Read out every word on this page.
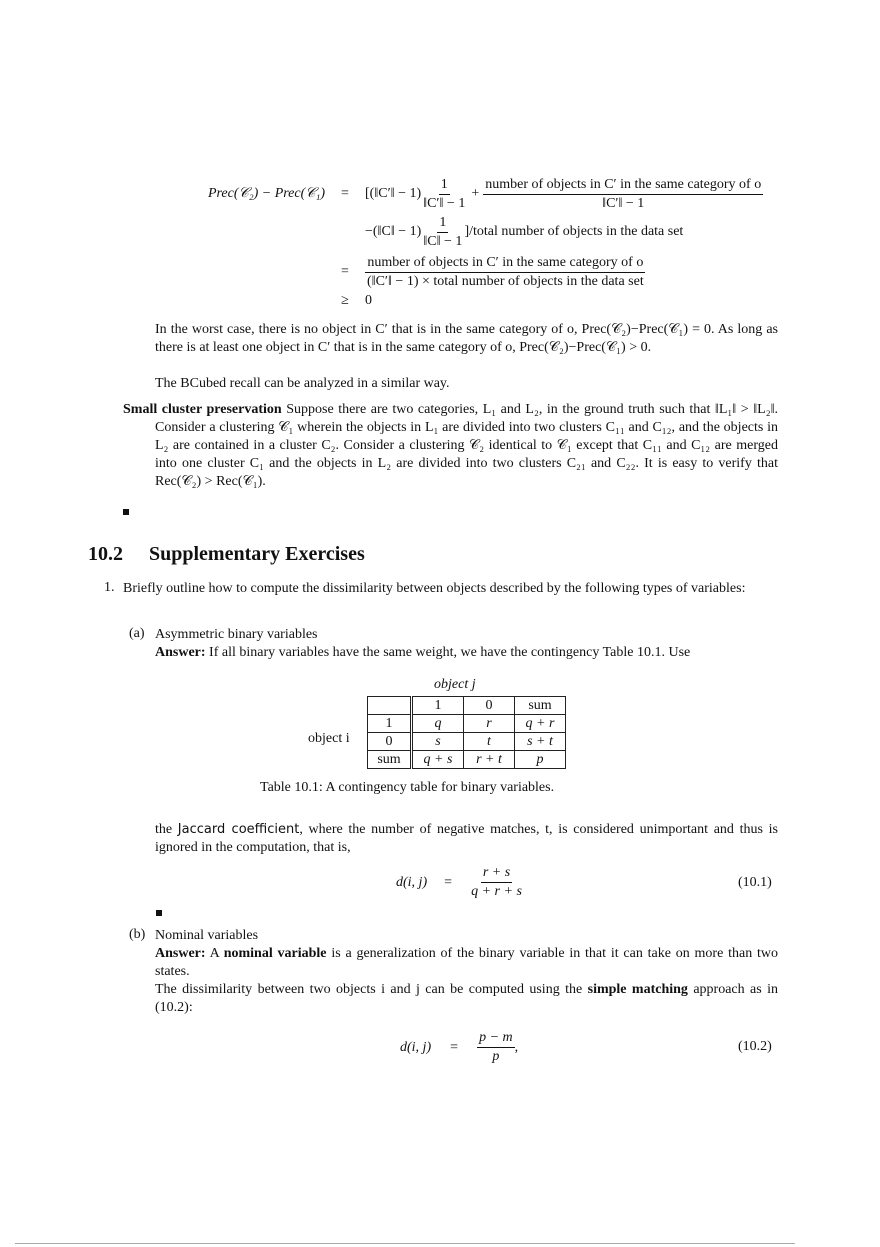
Prec(𝒞₂) − Prec(𝒞₁)	=	[(‖C′‖ − $1) \frac{1}{‖C'‖ - 1} + \frac{\text{number of objects in C′ in the same category of o}}{‖C'‖ - 1}$
−(‖C‖ − $1) \frac{1}{‖C‖ - 1}$ ]/total number of objects in the data set
=	$\frac{\text{number of objects in C′ in the same category of o}}{\text{(‖C′‖ − 1) × total number of objects in the data set}}$
≥	0
In the worst case, there is no object in C′ that is in the same category of o, Prec(𝒞₂)−Prec(𝒞₁) = 0. As long as there is at least one object in C′ that is in the same category of o, Prec(𝒞₂)−Prec(𝒞₁) > 0.
The BCubed recall can be analyzed in a similar way.
Small cluster preservation Suppose there are two categories, L₁ and L₂, in the ground truth such that ‖L₁‖ > ‖L₂‖. Consider a clustering 𝒞₁ wherein the objects in L₁ are divided into two clusters C₁₁ and C₁₂, and the objects in L₂ are contained in a cluster C₂. Consider a clustering 𝒞₂ identical to 𝒞₁ except that C₁₁ and C₁₂ are merged into one cluster C₁ and the objects in L₂ are divided into two clusters C₂₁ and C₂₂. It is easy to verify that Rec(𝒞₂) > Rec(𝒞₁).
10.2 Supplementary Exercises
1. Briefly outline how to compute the dissimilarity between objects described by the following types of variables:
(a) Asymmetric binary variables
Answer: If all binary variables have the same weight, we have the contingency Table 10.1. Use
object j
object i
	1	0	sum
1	q	r	q + r
0	s	t	s + t
sum	q + s	r + t	p
Table 10.1: A contingency table for binary variables.
the Jaccard coefficient, where the number of negative matches, t, is considered unimportant and thus is ignored in the computation, that is,
d(i, j)	=	$\frac{r + s}{q + r + s}$	(10.1)
(b) Nominal variables
Answer: A nominal variable is a generalization of the binary variable in that it can take on more than two states.
The dissimilarity between two objects i and j can be computed using the simple matching approach as in (10.2):
d(i, j)	=	$\frac{p - m}{p}$ ,	(10.2)
